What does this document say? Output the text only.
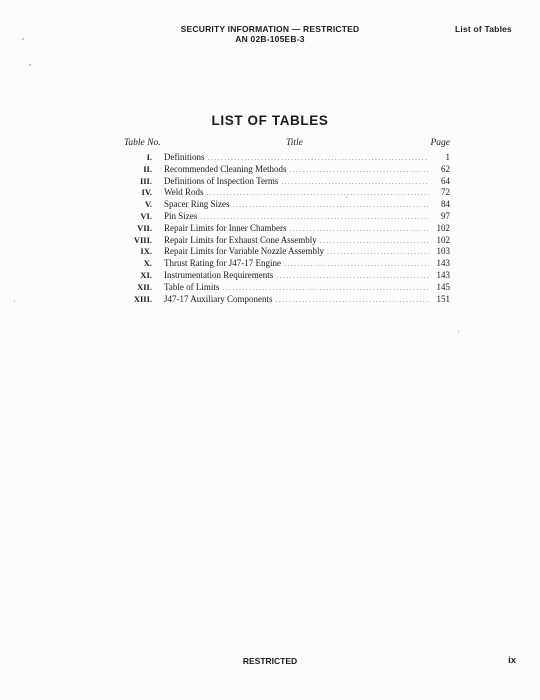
SECURITY INFORMATION — RESTRICTED
AN 02B-105EB-3
List of Tables
LIST OF TABLES
Table No.	Title	Page
I. Definitions .....	1
II. Recommended Cleaning Methods .....	62
III. Definitions of Inspection Terms .....	64
IV. Weld Rods .....	72
V. Spacer Ring Sizes .....	84
VI. Pin Sizes .....	97
VII. Repair Limits for Inner Chambers .....	102
VIII. Repair Limits for Exhaust Cone Assembly .....	102
IX. Repair Limits for Variable Nozzle Assembly .....	103
X. Thrust Rating for J47-17 Engine .....	143
XI. Instrumentation Requirements .....	143
XII. Table of Limits .....	145
XIII. J47-17 Auxiliary Components .....	151
RESTRICTED	ix
